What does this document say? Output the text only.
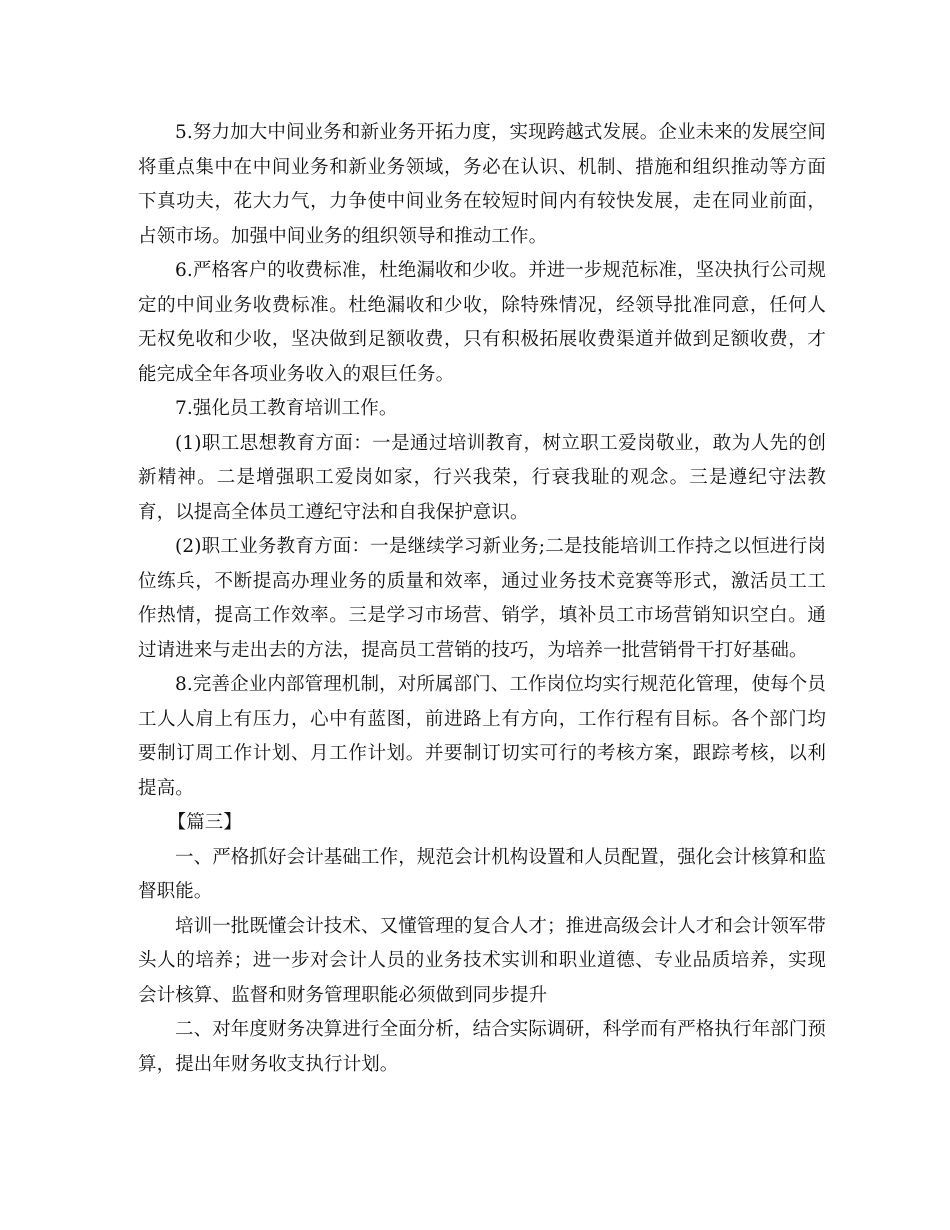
5.努力加大中间业务和新业务开拓力度，实现跨越式发展。企业未来的发展空间将重点集中在中间业务和新业务领域，务必在认识、机制、措施和组织推动等方面下真功夫，花大力气，力争使中间业务在较短时间内有较快发展，走在同业前面，占领市场。加强中间业务的组织领导和推动工作。

6.严格客户的收费标准，杜绝漏收和少收。并进一步规范标准，坚决执行公司规定的中间业务收费标准。杜绝漏收和少收，除特殊情况，经领导批准同意，任何人无权免收和少收，坚决做到足额收费，只有积极拓展收费渠道并做到足额收费，才能完成全年各项业务收入的艰巨任务。

7.强化员工教育培训工作。

(1)职工思想教育方面：一是通过培训教育，树立职工爱岗敬业，敢为人先的创新精神。二是增强职工爱岗如家，行兴我荣，行衰我耻的观念。三是遵纪守法教育，以提高全体员工遵纪守法和自我保护意识。

(2)职工业务教育方面：一是继续学习新业务;二是技能培训工作持之以恒进行岗位练兵，不断提高办理业务的质量和效率，通过业务技术竞赛等形式，激活员工工作热情，提高工作效率。三是学习市场营、销学，填补员工市场营销知识空白。通过请进来与走出去的方法，提高员工营销的技巧，为培养一批营销骨干打好基础。

8.完善企业内部管理机制，对所属部门、工作岗位均实行规范化管理，使每个员工人人肩上有压力，心中有蓝图，前进路上有方向，工作行程有目标。各个部门均要制订周工作计划、月工作计划。并要制订切实可行的考核方案，跟踪考核，以利提高。

【篇三】

一、严格抓好会计基础工作，规范会计机构设置和人员配置，强化会计核算和监督职能。

培训一批既懂会计技术、又懂管理的复合人才；推进高级会计人才和会计领军带头人的培养；进一步对会计人员的业务技术实训和职业道德、专业品质培养，实现会计核算、监督和财务管理职能必须做到同步提升

二、对年度财务决算进行全面分析，结合实际调研，科学而有严格执行年部门预算，提出年财务收支执行计划。
